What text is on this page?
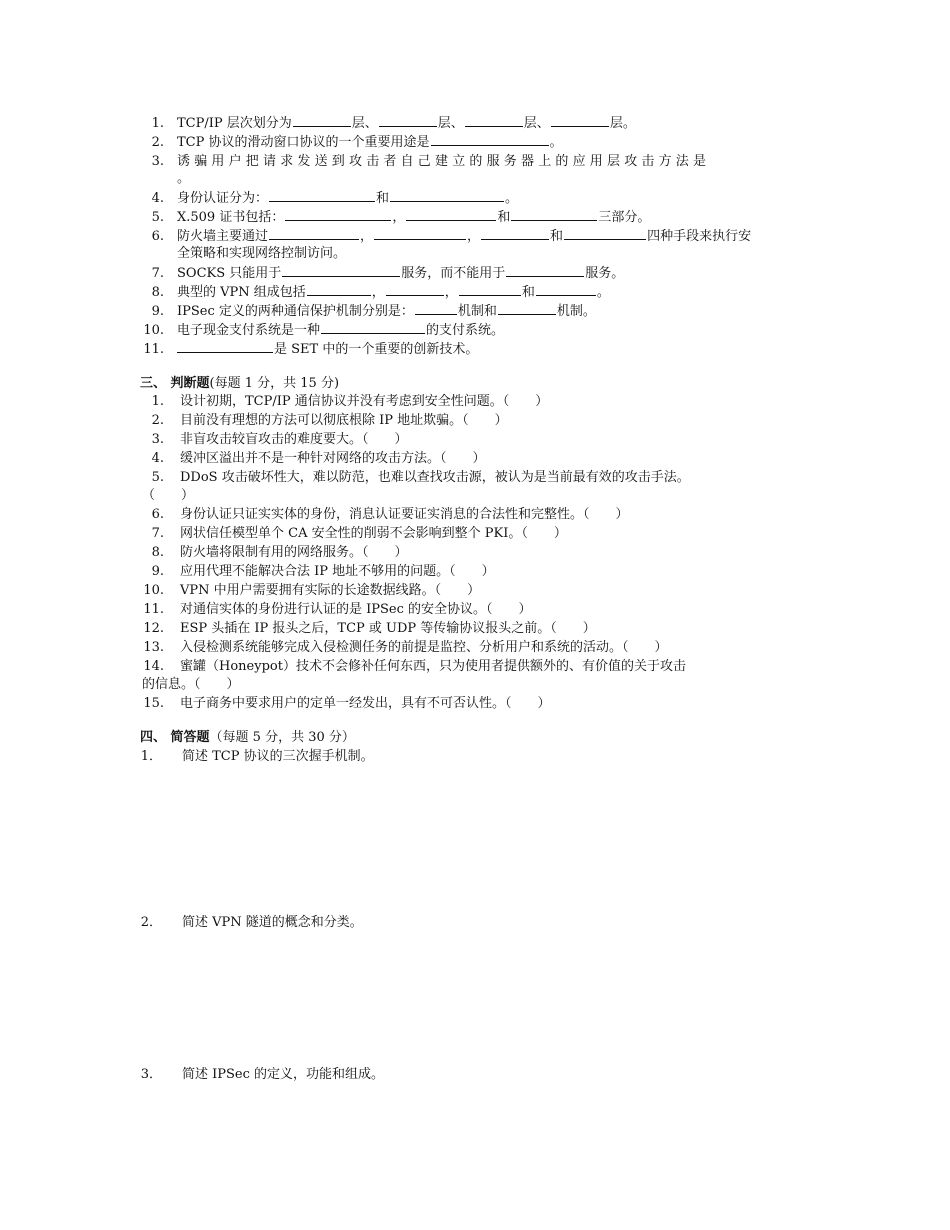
1. TCP/IP 层次划分为	层、	层、	层、	层。
2. TCP 协议的滑动窗口协议的一个重要用途是	。
3. 诱骗用户把请求发送到攻击者自己建立的服务器上的应用层攻击方法是
。
4. 身份认证分为：	和	。
5. X.509 证书包括：	，	和	三部分。
6. 防火墙主要通过	，	，	和	四种手段来执行安
全策略和实现网络控制访问。
7. SOCKS 只能用于	服务，而不能用于	服务。
8. 典型的 VPN 组成包括	，	，	和	。
9. IPSec 定义的两种通信保护机制分别是：	机制和	机制。
10. 电子现金支付系统是一种	的支付系统。
11.	是 SET 中的一个重要的创新技术。
三、 判断题(每题 1 分，共 15 分)
1. 设计初期，TCP/IP 通信协议并没有考虑到安全性问题。（　　）
2. 目前没有理想的方法可以彻底根除 IP 地址欺骗。（　　）
3. 非盲攻击较盲攻击的难度要大。（　　）
4. 缓冲区溢出并不是一种针对网络的攻击方法。（　　）
5. DDoS 攻击破坏性大，难以防范，也难以查找攻击源，被认为是当前最有效的攻击手法。
（　　）
6. 身份认证只证实实体的身份，消息认证要证实消息的合法性和完整性。（　　）
7. 网状信任模型单个 CA 安全性的削弱不会影响到整个 PKI。（　　）
8. 防火墙将限制有用的网络服务。（　　）
9. 应用代理不能解决合法 IP 地址不够用的问题。（　　）
10. VPN 中用户需要拥有实际的长途数据线路。（　　）
11. 对通信实体的身份进行认证的是 IPSec 的安全协议。（　　）
12. ESP 头插在 IP 报头之后，TCP 或 UDP 等传输协议报头之前。（　　）
13. 入侵检测系统能够完成入侵检测任务的前提是监控、分析用户和系统的活动。（　　）
14. 蜜罐（Honeypot）技术不会修补任何东西，只为使用者提供额外的、有价值的关于攻击
的信息。（　　）
15. 电子商务中要求用户的定单一经发出，具有不可否认性。（　　）
四、 简答题（每题 5 分，共 30 分）
1． 简述 TCP 协议的三次握手机制。
2． 简述 VPN 隧道的概念和分类。
3． 简述 IPSec 的定义，功能和组成。
